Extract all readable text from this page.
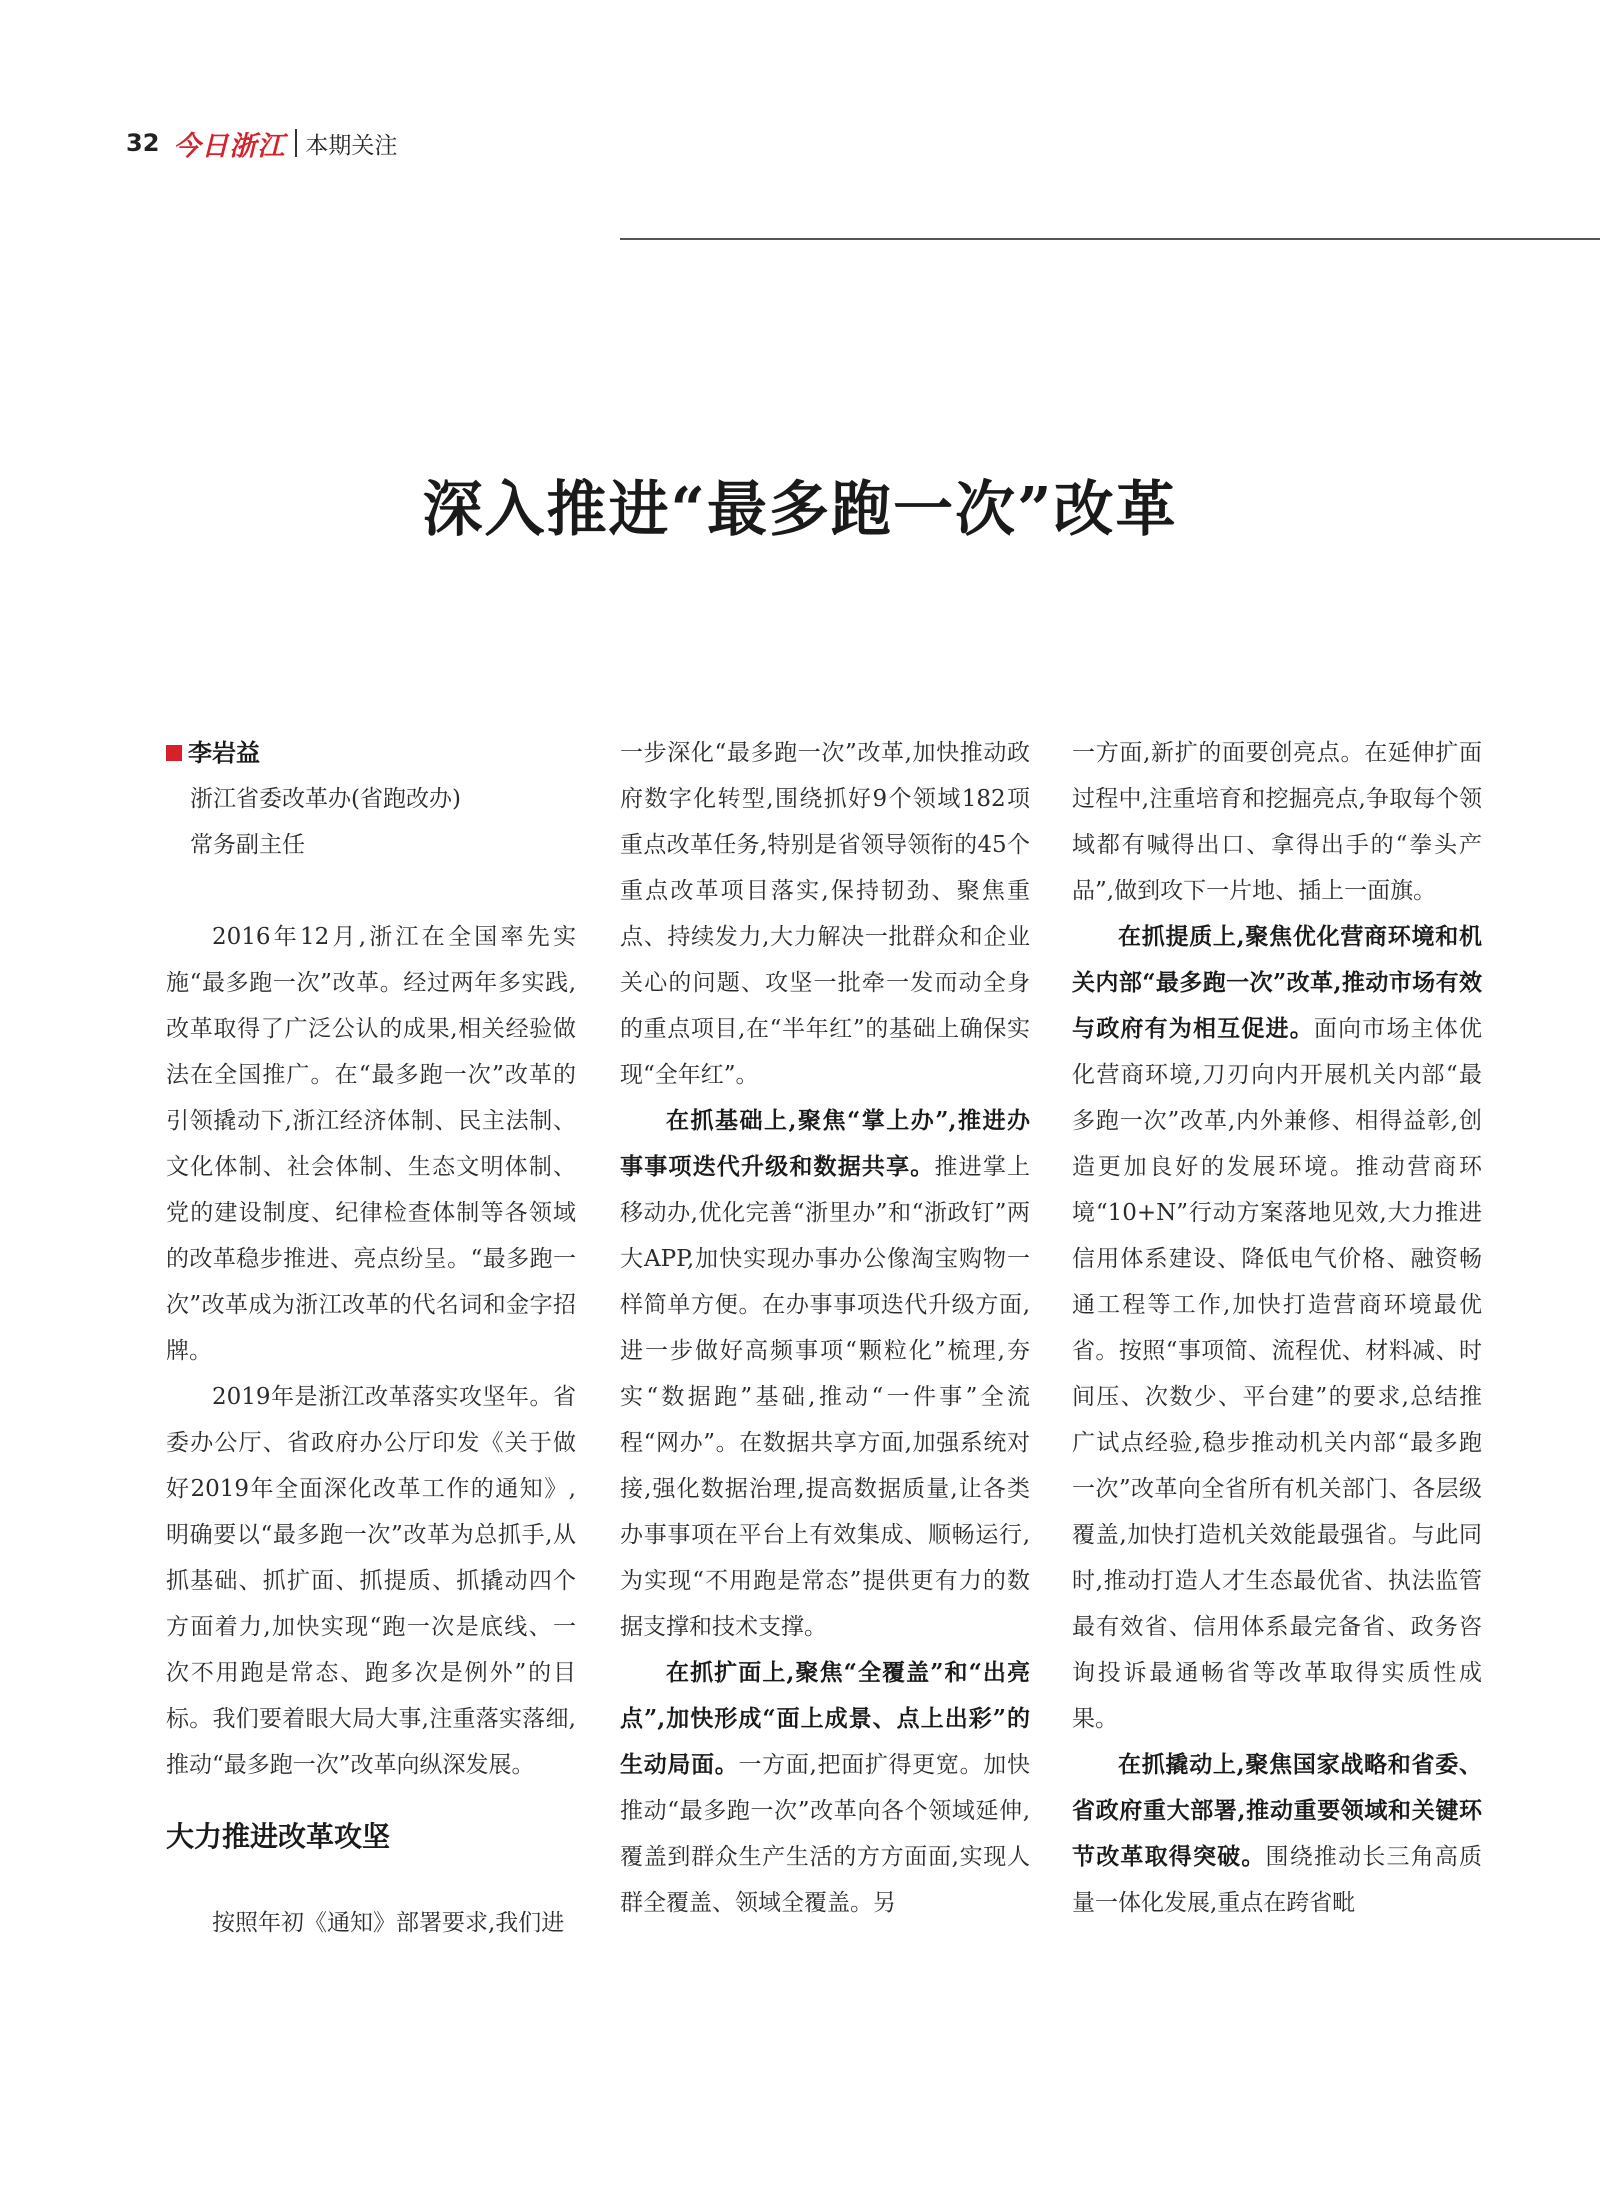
32 今日浙江 本期关注
深入推进“最多跑一次”改革
李岩益
浙江省委改革办(省跑改办)
常务副主任

2016年12月,浙江在全国率先实施“最多跑一次”改革。经过两年多实践,改革取得了广泛公认的成果,相关经验做法在全国推广。在“最多跑一次”改革的引领撬动下,浙江经济体制、民主法制、文化体制、社会体制、生态文明体制、党的建设制度、纪律检查体制等各领域的改革稳步推进、亮点纷呈。“最多跑一次”改革成为浙江改革的代名词和金字招牌。

2019年是浙江改革落实攻坚年。省委办公厅、省政府办公厅印发《关于做好2019年全面深化改革工作的通知》,明确要以“最多跑一次”改革为总抓手,从抓基础、抓扩面、抓提质、抓撬动四个方面着力,加快实现“跑一次是底线、一次不用跑是常态、跑多次是例外”的目标。我们要着眼大局大事,注重落实落细,推动“最多跑一次”改革向纵深发展。

大力推进改革攻坚

按照年初《通知》部署要求,我们进

一步深化“最多跑一次”改革,加快推动政府数字化转型,围绕抓好9个领域182项重点改革任务,特别是省领导领衔的45个重点改革项目落实,保持韧劲、聚焦重点、持续发力,大力解决一批群众和企业关心的问题、攻坚一批牵一发而动全身的重点项目,在“半年红”的基础上确保实现“全年红”。

在抓基础上,聚焦“掌上办”,推进办事事项迭代升级和数据共享。推进掌上移动办,优化完善“浙里办”和“浙政钉”两大APP,加快实现办事办公像淘宝购物一样简单方便。在办事事项迭代升级方面,进一步做好高频事项“颗粒化”梳理,夯实“数据跑”基础,推动“一件事”全流程“网办”。在数据共享方面,加强系统对接,强化数据治理,提高数据质量,让各类办事事项在平台上有效集成、顺畅运行,为实现“不用跑是常态”提供更有力的数据支撑和技术支撑。

在抓扩面上,聚焦“全覆盖”和“出亮点”,加快形成“面上成景、点上出彩”的生动局面。一方面,把面扩得更宽。加快推动“最多跑一次”改革向各个领域延伸,覆盖到群众生产生活的方方面面,实现人群全覆盖、领域全覆盖。另

一方面,新扩的面要创亮点。在延伸扩面过程中,注重培育和挖掘亮点,争取每个领域都有喊得出口、拿得出手的“拳头产品”,做到攻下一片地、插上一面旗。

在抓提质上,聚焦优化营商环境和机关内部“最多跑一次”改革,推动市场有效与政府有为相互促进。面向市场主体优化营商环境,刀刃向内开展机关内部“最多跑一次”改革,内外兼修、相得益彰,创造更加良好的发展环境。推动营商环境“10+N”行动方案落地见效,大力推进信用体系建设、降低电气价格、融资畅通工程等工作,加快打造营商环境最优省。按照“事项简、流程优、材料减、时间压、次数少、平台建”的要求,总结推广试点经验,稳步推动机关内部“最多跑一次”改革向全省所有机关部门、各层级覆盖,加快打造机关效能最强省。与此同时,推动打造人才生态最优省、执法监管最有效省、信用体系最完备省、政务咨询投诉最通畅省等改革取得实质性成果。

在抓撬动上,聚焦国家战略和省委、省政府重大部署,推动重要领域和关键环节改革取得突破。围绕推动长三角高质量一体化发展,重点在跨省毗
